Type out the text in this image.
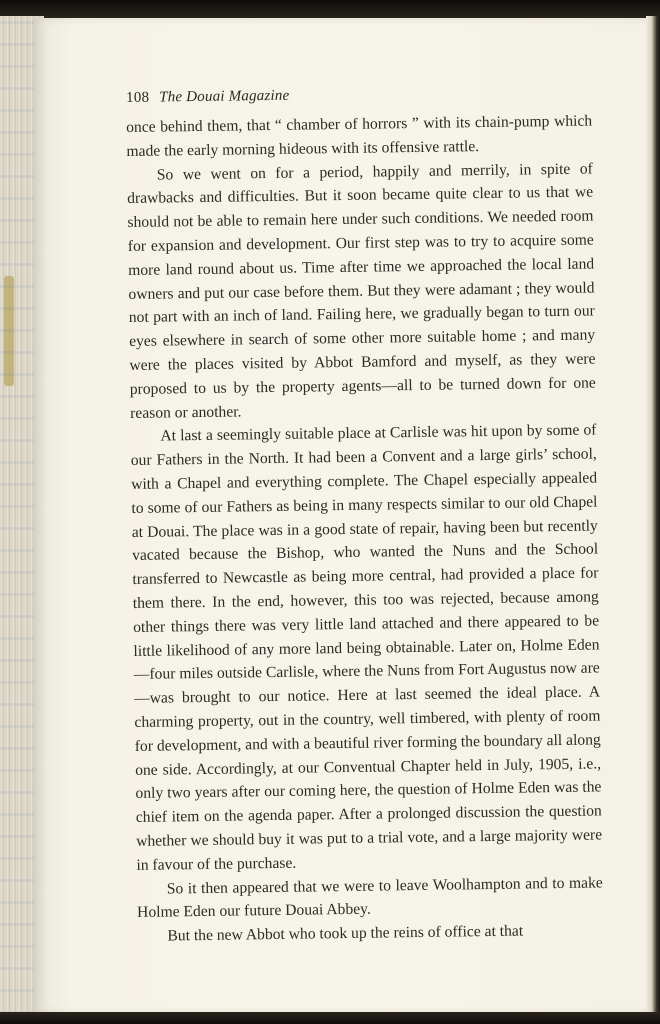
108 The Douai Magazine

once behind them, that “ chamber of horrors ” with its chain-pump which made the early morning hideous with its offensive rattle.

So we went on for a period, happily and merrily, in spite of drawbacks and difficulties. But it soon became quite clear to us that we should not be able to remain here under such conditions. We needed room for expansion and development. Our first step was to try to acquire some more land round about us. Time after time we approached the local land owners and put our case before them. But they were adamant ; they would not part with an inch of land. Failing here, we gradually began to turn our eyes elsewhere in search of some other more suitable home ; and many were the places visited by Abbot Bamford and myself, as they were proposed to us by the property agents—all to be turned down for one reason or another.

At last a seemingly suitable place at Carlisle was hit upon by some of our Fathers in the North. It had been a Convent and a large girls’ school, with a Chapel and everything complete. The Chapel especially appealed to some of our Fathers as being in many respects similar to our old Chapel at Douai. The place was in a good state of repair, having been but recently vacated because the Bishop, who wanted the Nuns and the School transferred to Newcastle as being more central, had provided a place for them there. In the end, however, this too was rejected, because among other things there was very little land attached and there appeared to be little likelihood of any more land being obtainable. Later on, Holme Eden—four miles outside Carlisle, where the Nuns from Fort Augustus now are—was brought to our notice. Here at last seemed the ideal place. A charming property, out in the country, well timbered, with plenty of room for development, and with a beautiful river forming the boundary all along one side. Accordingly, at our Conventual Chapter held in July, 1905, i.e., only two years after our coming here, the question of Holme Eden was the chief item on the agenda paper. After a prolonged discussion the question whether we should buy it was put to a trial vote, and a large majority were in favour of the purchase.

So it then appeared that we were to leave Woolhampton and to make Holme Eden our future Douai Abbey.

But the new Abbot who took up the reins of office at that
